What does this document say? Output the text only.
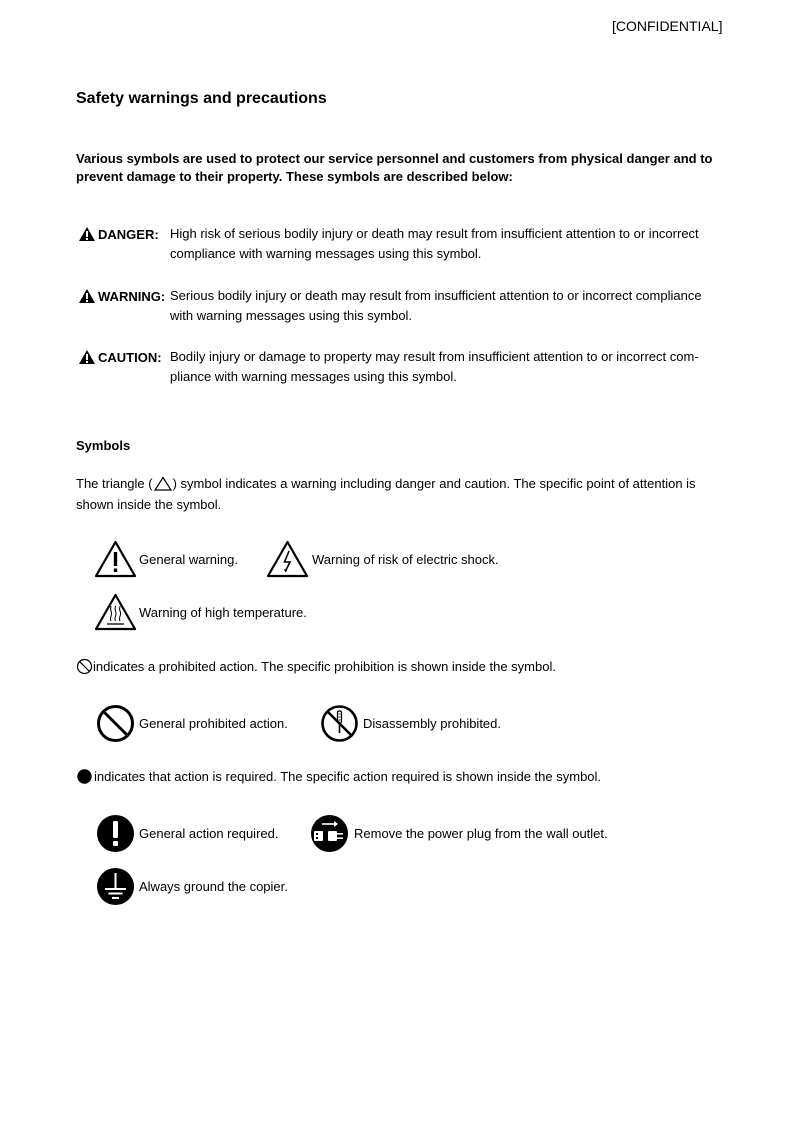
[CONFIDENTIAL]
Safety warnings and precautions

Various symbols are used to protect our service personnel and customers from physical danger and to prevent damage to their property. These symbols are described below:

DANGER: High risk of serious bodily injury or death may result from insufficient attention to or incorrect compliance with warning messages using this symbol.

WARNING: Serious bodily injury or death may result from insufficient attention to or incorrect compliance with warning messages using this symbol.

CAUTION: Bodily injury or damage to property may result from insufficient attention to or incorrect com-pliance with warning messages using this symbol.

Symbols

The triangle ( ) symbol indicates a warning including danger and caution. The specific point of attention is shown inside the symbol.

General warning.	Warning of risk of electric shock.
Warning of high temperature.
indicates a prohibited action. The specific prohibition is shown inside the symbol.
General prohibited action.	Disassembly prohibited.
indicates that action is required. The specific action required is shown inside the symbol.
General action required.	Remove the power plug from the wall outlet.
Always ground the copier.
